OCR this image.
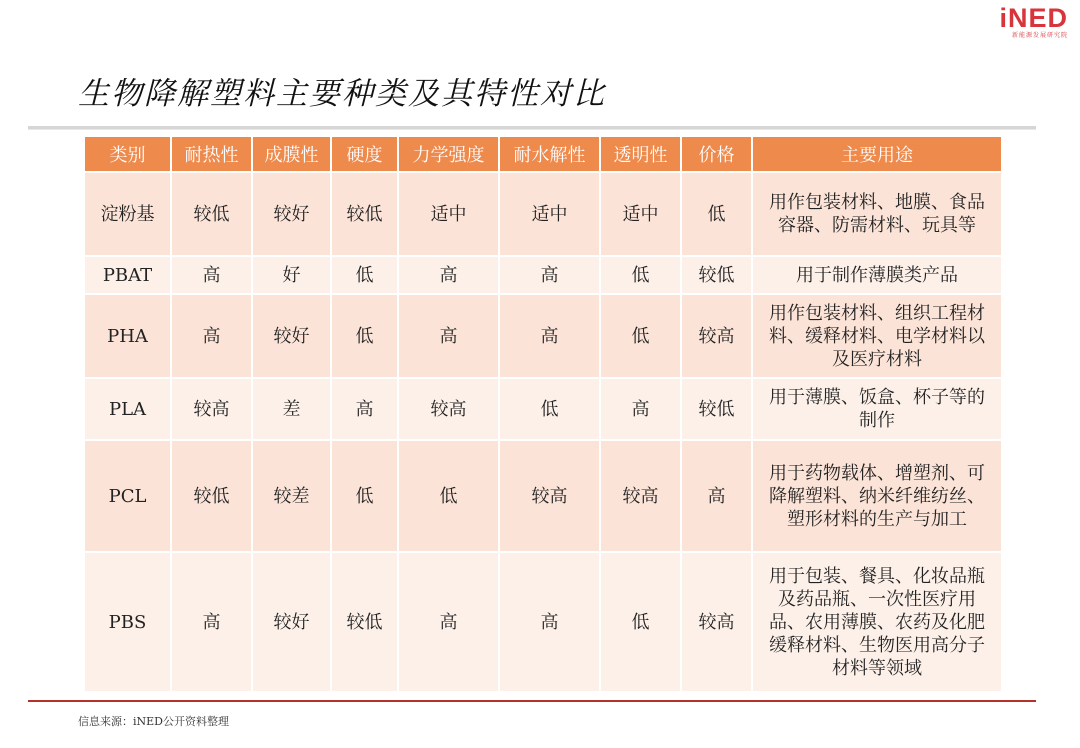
iNED
新能源发展研究院
生物降解塑料主要种类及其特性对比
类别	耐热性	成膜性	硬度	力学强度	耐水解性	透明性	价格	主要用途
淀粉基	较低	较好	较低	适中	适中	适中	低	用作包装材料、地膜、食品容器、防需材料、玩具等
PBAT	高	好	低	高	高	低	较低	用于制作薄膜类产品
PHA	高	较好	低	高	高	低	较高	用作包装材料、组织工程材料、缓释材料、电学材料以及医疗材料
PLA	较高	差	高	较高	低	高	较低	用于薄膜、饭盒、杯子等的制作
PCL	较低	较差	低	低	较高	较高	高	用于药物载体、增塑剂、可降解塑料、纳米纤维纺丝、塑形材料的生产与加工
PBS	高	较好	较低	高	高	低	较高	用于包装、餐具、化妆品瓶及药品瓶、一次性医疗用品、农用薄膜、农药及化肥缓释材料、生物医用高分子材料等领域
信息来源：iNED公开资料整理
